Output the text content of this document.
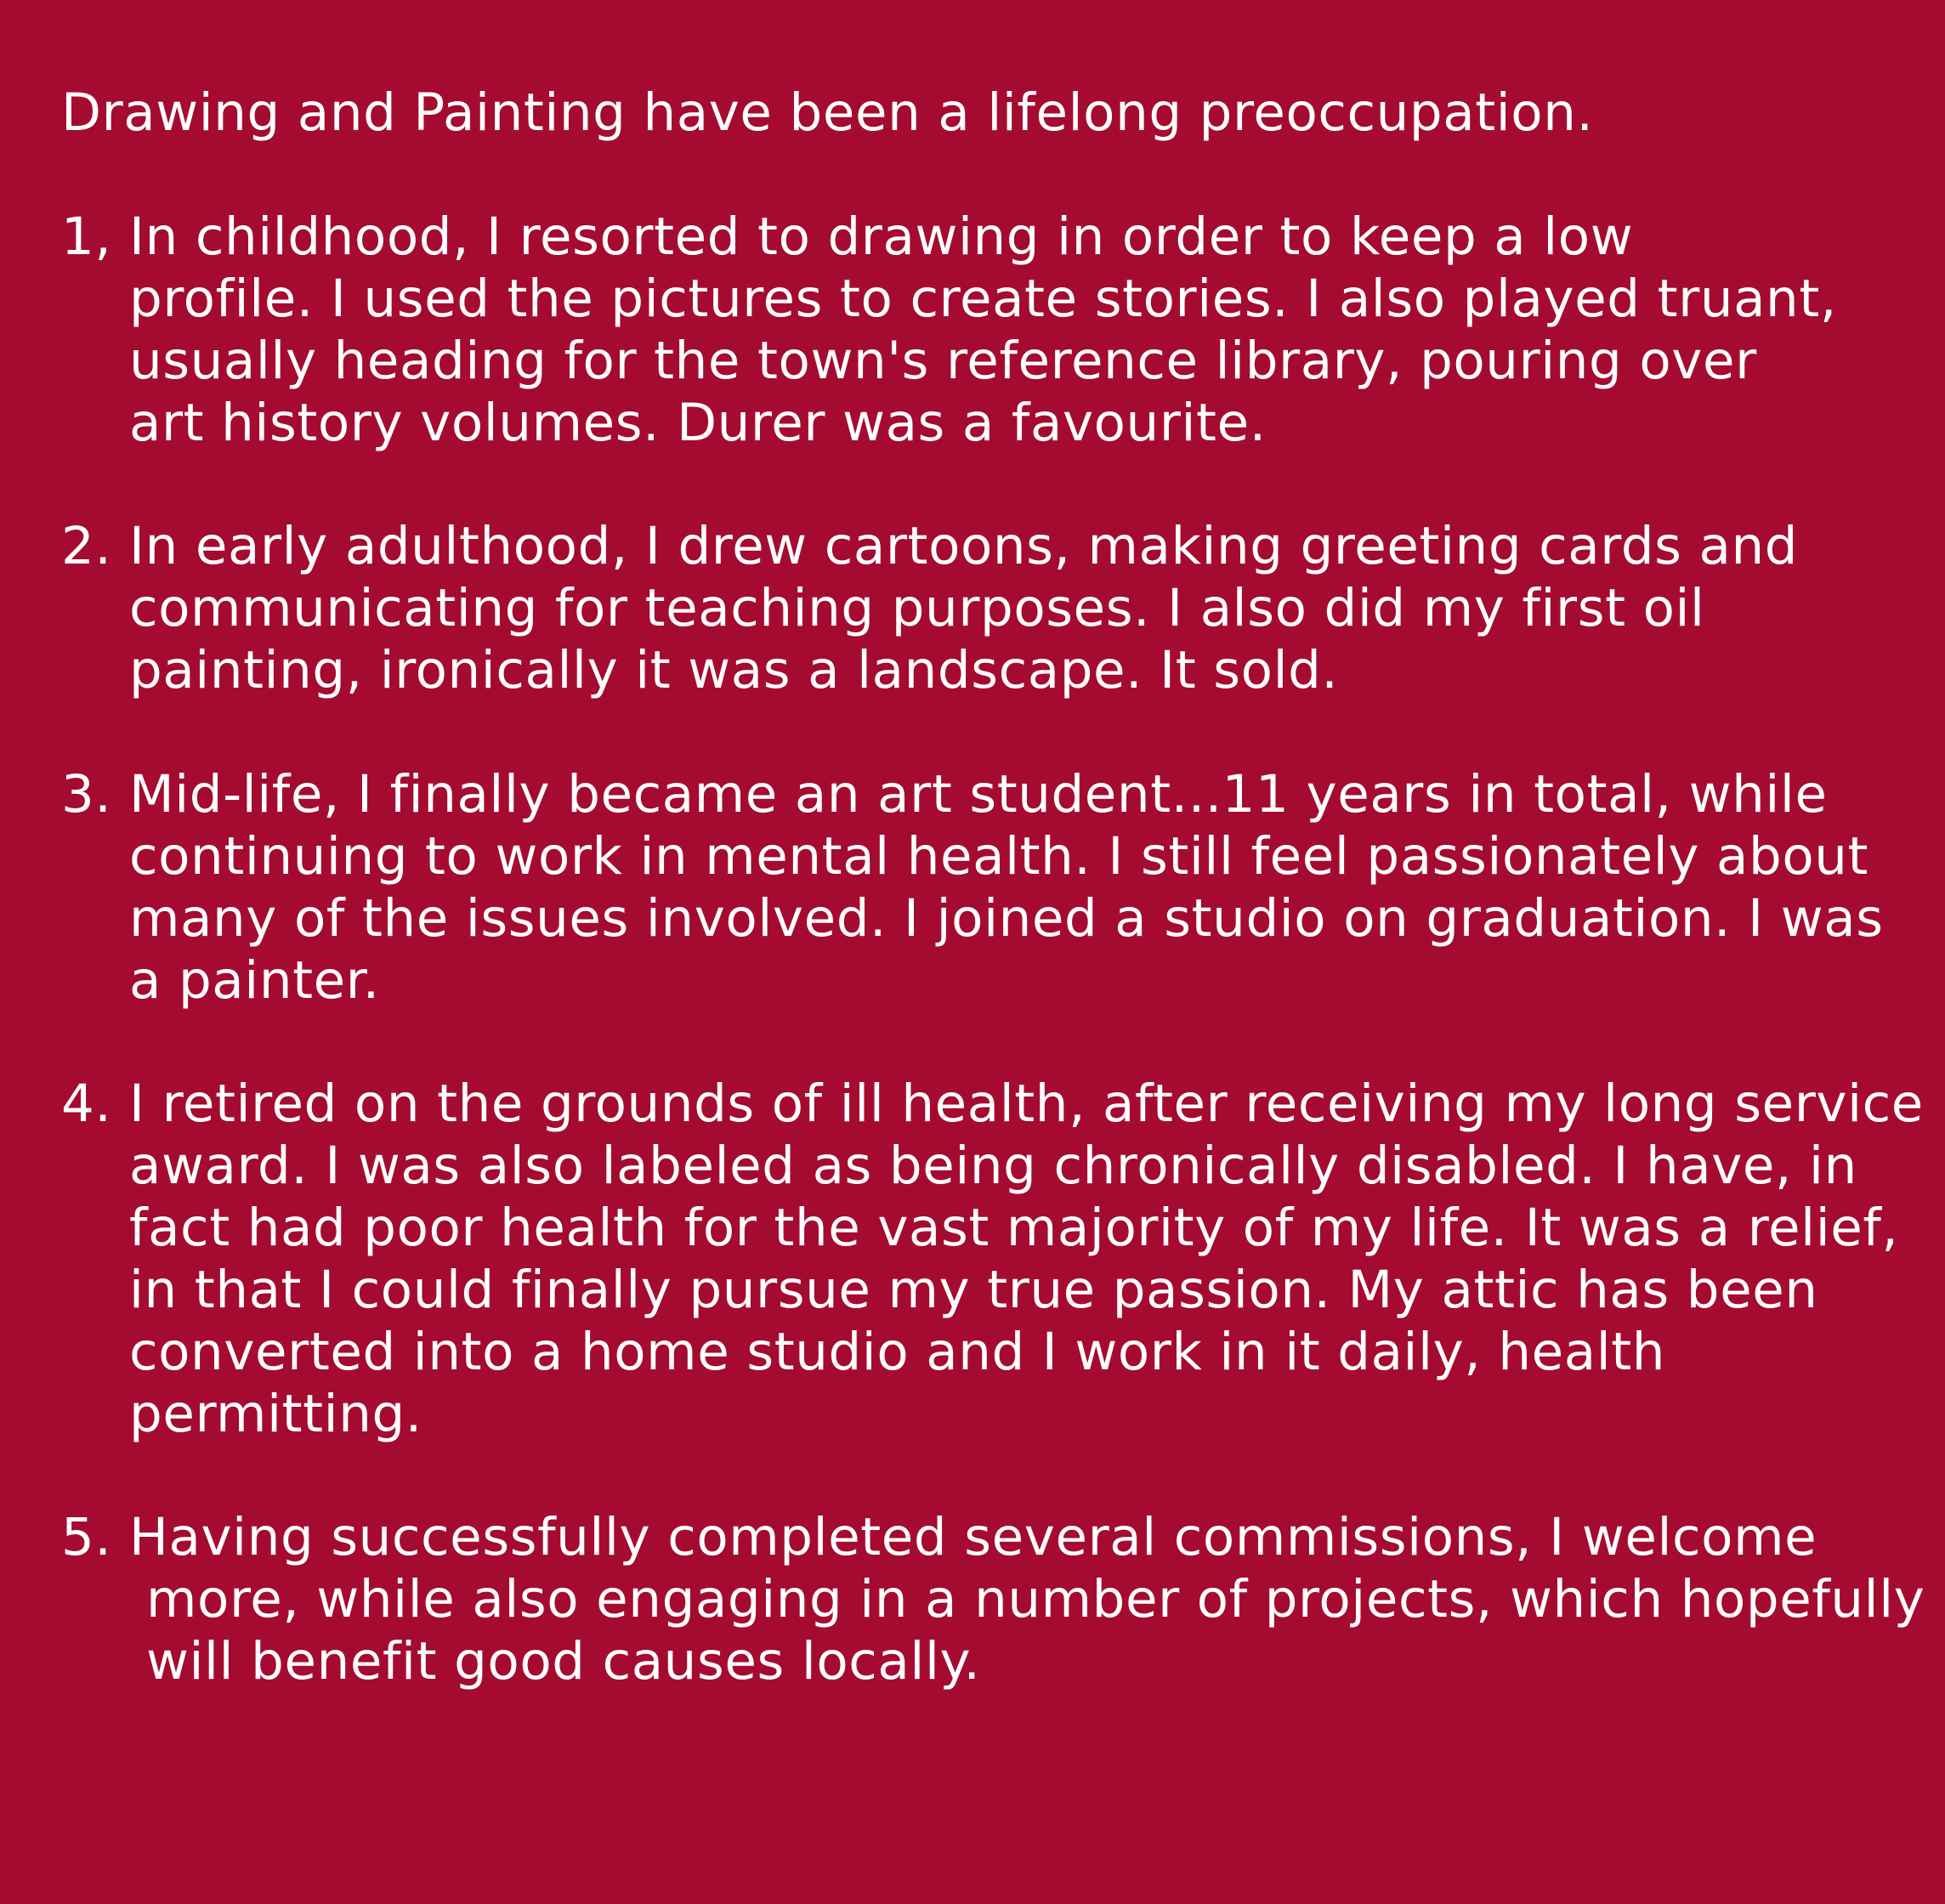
Drawing and Painting have been a lifelong preoccupation.
1, In childhood, I resorted to drawing in order to keep a low
profile. I used the pictures to create stories. I also played truant,
usually heading for the town's reference library, pouring over
art history volumes. Durer was a favourite.
2. In early adulthood, I drew cartoons, making greeting cards and
communicating for teaching purposes. I also did my first oil
painting, ironically it was a landscape. It sold.
3. Mid-life, I finally became an art student...11 years in total, while
continuing to work in mental health. I still feel passionately about
many of the issues involved. I joined a studio on graduation. I was
a painter.
4. I retired on the grounds of ill health, after receiving my long service
award. I was also labeled as being chronically disabled. I have, in
fact had poor health for the vast majority of my life. It was a relief,
in that I could finally pursue my true passion. My attic has been
converted into a home studio and I work in it daily, health
permitting.
5. Having successfully completed several commissions, I welcome
more, while also engaging in a number of projects, which hopefully
will benefit good causes locally.
